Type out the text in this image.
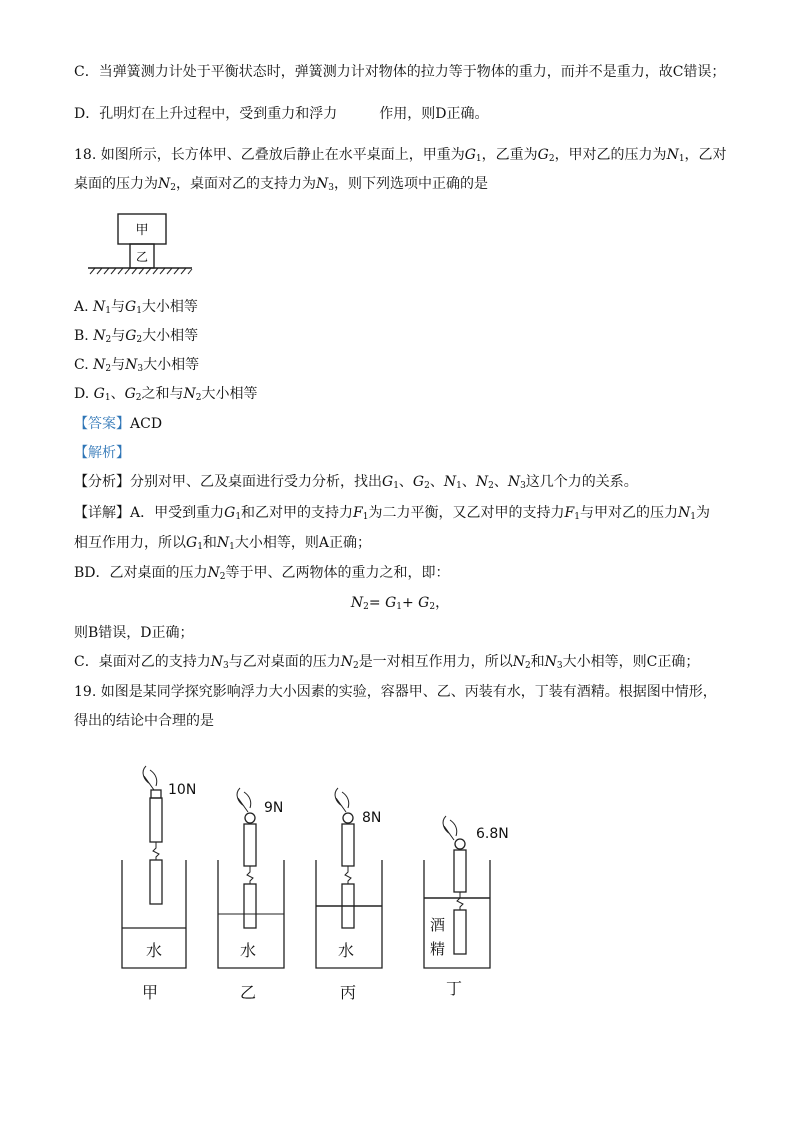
C．当弹簧测力计处于平衡状态时，弹簧测力计对物体的拉力等于物体的重力，而并不是重力，故C错误；
D．孔明灯在上升过程中，受到重力和浮力	作用，则D正确。
18. 如图所示，长方体甲、乙叠放后静止在水平桌面上，甲重为$G_1$，乙重为$G_2$，甲对乙的压力为$N_1$，乙对
桌面的压力为$N_2$，桌面对乙的支持力为$N_3$，则下列选项中正确的是
甲
乙
A. $N_1$与$G_1$大小相等
B. $N_2$与$G_2$大小相等
C. $N_2$与$N_3$大小相等
D. $G_1$、$G_2$之和与$N_2$大小相等
【答案】ACD
【解析】
【分析】分别对甲、乙及桌面进行受力分析，找出$G_1$、$G_2$、$N_1$、$N_2$、$N_3$这几个力的关系。
【详解】A．甲受到重力$G_1$和乙对甲的支持力$F_1$为二力平衡，又乙对甲的支持力$F_1$与甲对乙的压力$N_1$为
相互作用力，所以$G_1$和$N_1$大小相等，则A正确；
BD．乙对桌面的压力$N_2$等于甲、乙两物体的重力之和，即：
$N_2= G_1+ G_2$，
则B错误，D正确；
C．桌面对乙的支持力$N_3$与乙对桌面的压力$N_2$是一对相互作用力，所以$N_2$和$N_3$大小相等，则C正确；
19. 如图是某同学探究影响浮力大小因素的实验，容器甲、乙、丙装有水，丁装有酒精。根据图中情形，
得出的结论中合理的是
10N
9N
8N
6.8N
水	水	水
酒
精
甲	乙	丙	丁
